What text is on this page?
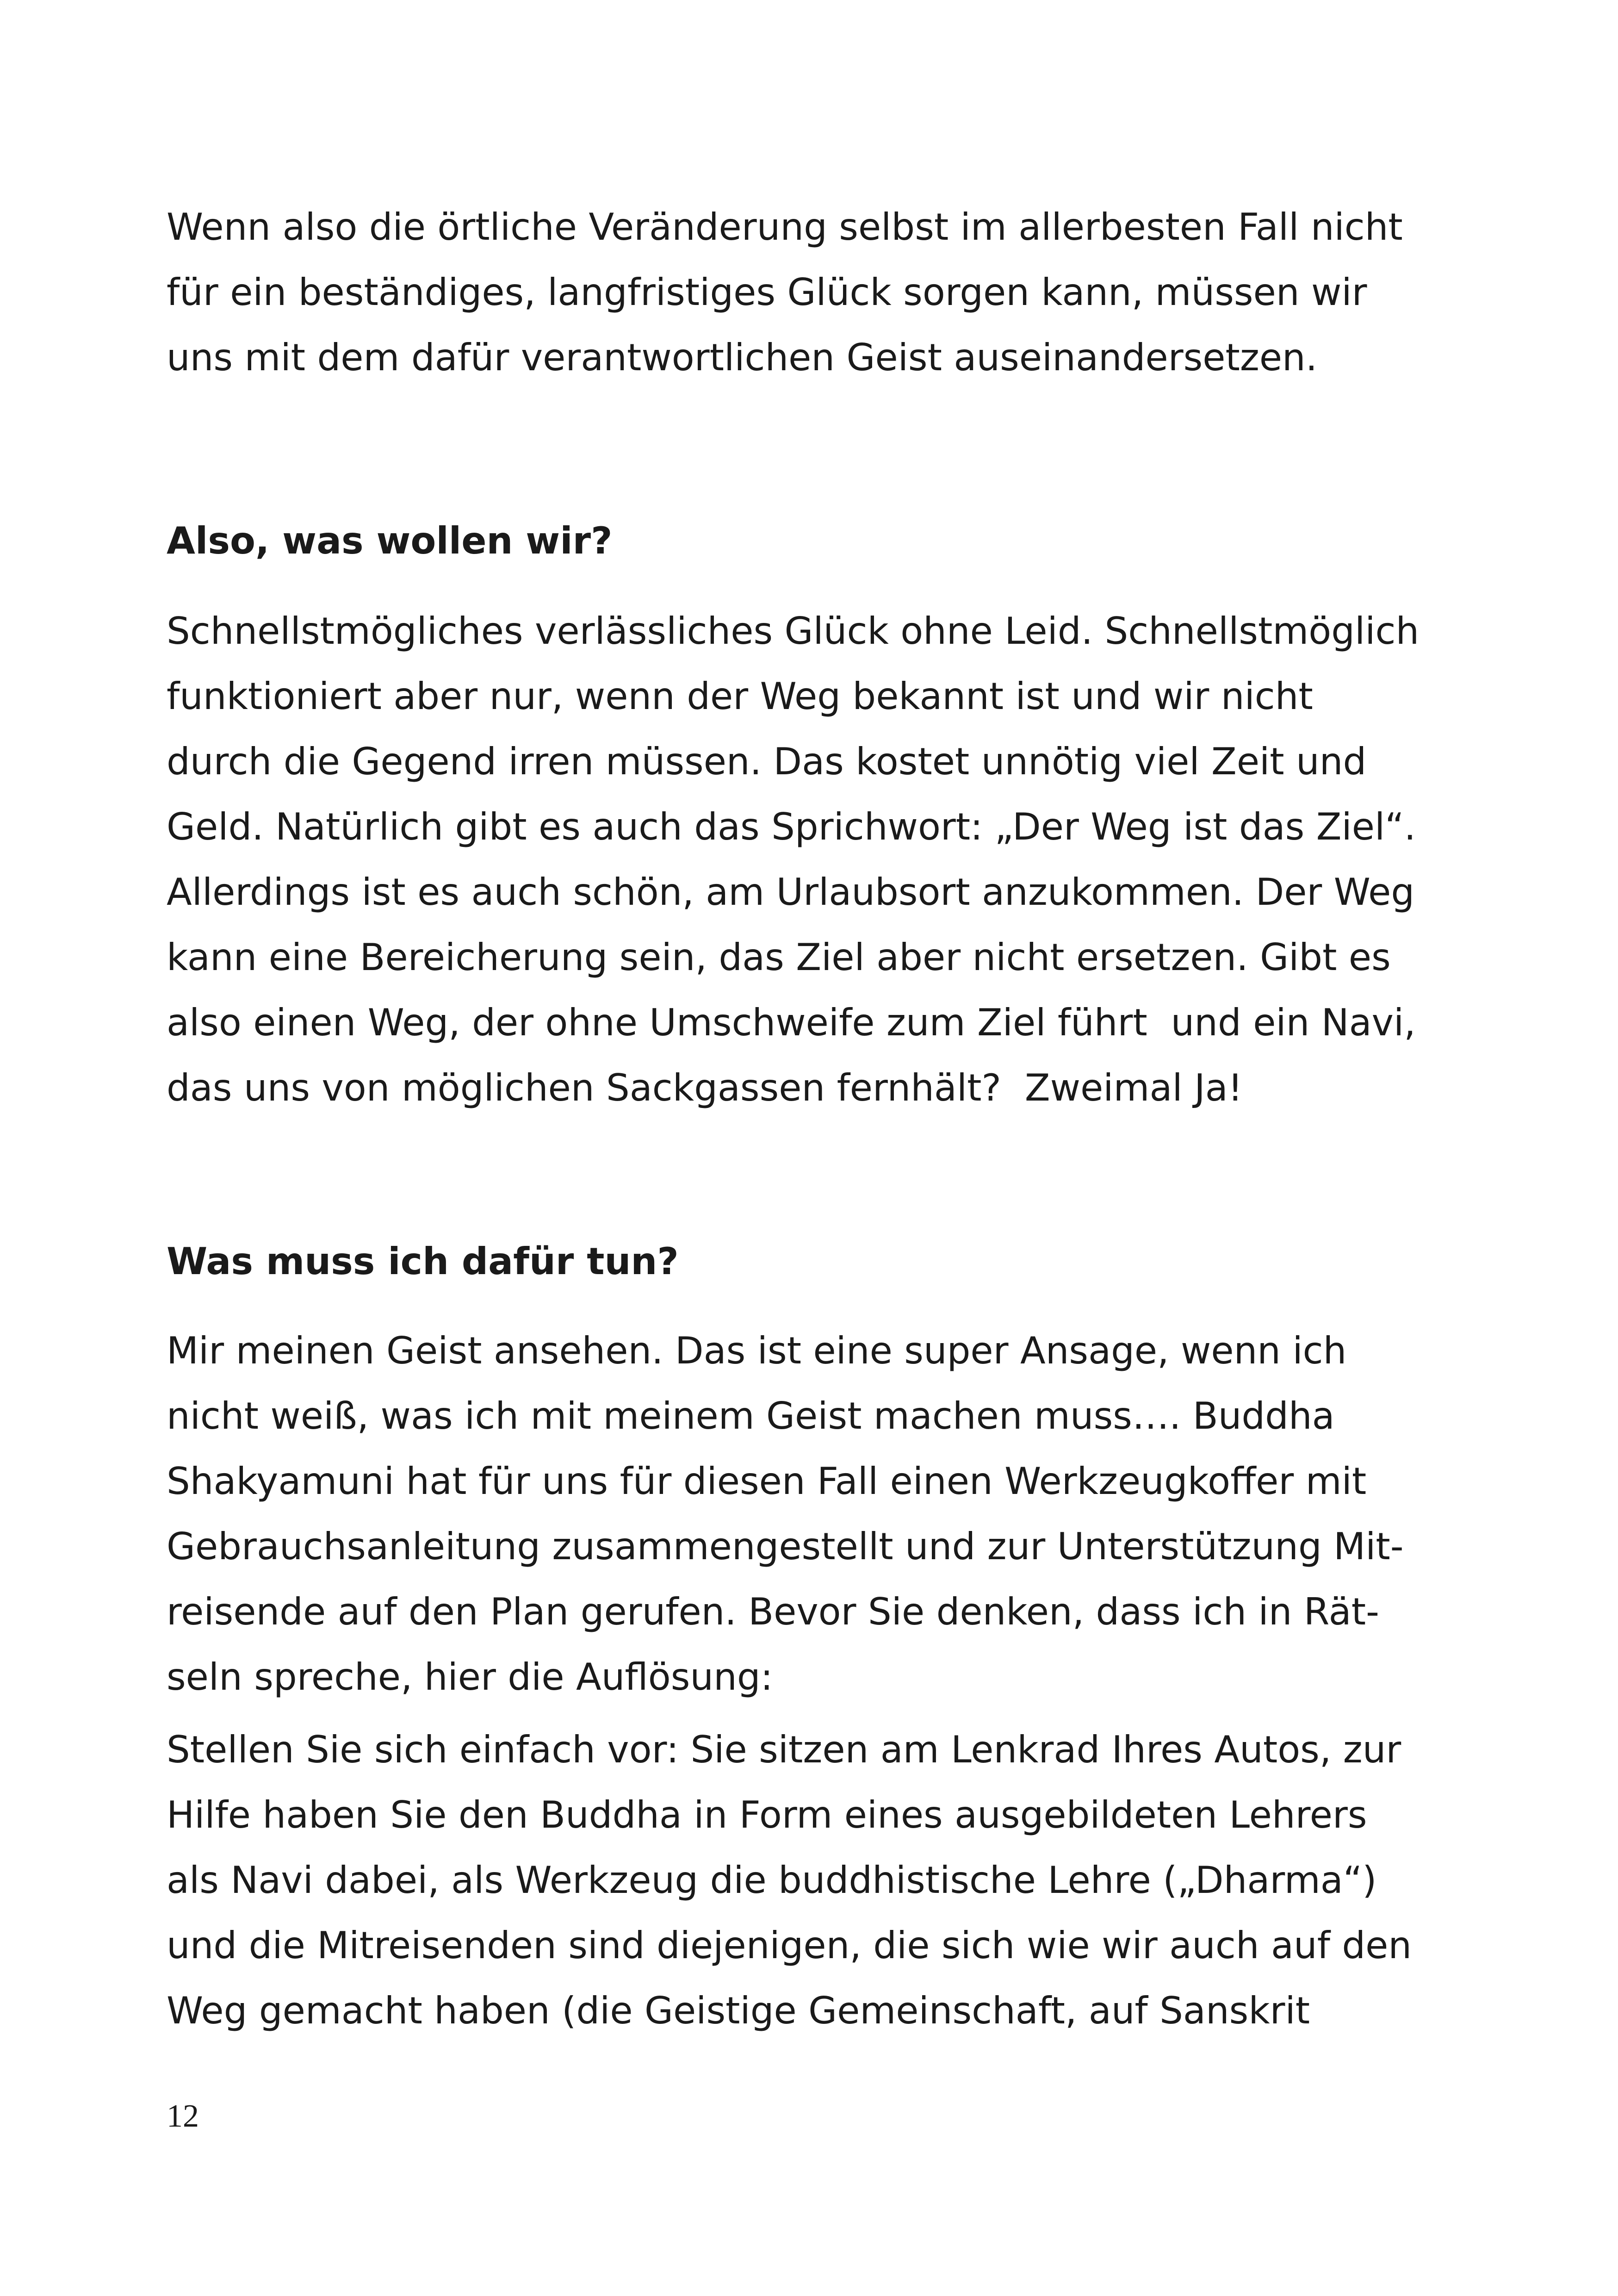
Wenn also die örtliche Veränderung selbst im allerbesten Fall nicht
für ein beständiges, langfristiges Glück sorgen kann, müssen wir
uns mit dem dafür verantwortlichen Geist auseinandersetzen.

Also, was wollen wir?

Schnellstmögliches verlässliches Glück ohne Leid. Schnellstmöglich
funktioniert aber nur, wenn der Weg bekannt ist und wir nicht
durch die Gegend irren müssen. Das kostet unnötig viel Zeit und
Geld. Natürlich gibt es auch das Sprichwort: „Der Weg ist das Ziel“.
Allerdings ist es auch schön, am Urlaubsort anzukommen. Der Weg
kann eine Bereicherung sein, das Ziel aber nicht ersetzen. Gibt es
also einen Weg, der ohne Umschweife zum Ziel führt  und ein Navi,
das uns von möglichen Sackgassen fernhält?  Zweimal Ja!

Was muss ich dafür tun?

Mir meinen Geist ansehen. Das ist eine super Ansage, wenn ich
nicht weiß, was ich mit meinem Geist machen muss…. Buddha
Shakyamuni hat für uns für diesen Fall einen Werkzeugkoffer mit
Gebrauchsanleitung zusammengestellt und zur Unterstützung Mit-
reisende auf den Plan gerufen. Bevor Sie denken, dass ich in Rät-
seln spreche, hier die Auflösung:

Stellen Sie sich einfach vor: Sie sitzen am Lenkrad Ihres Autos, zur
Hilfe haben Sie den Buddha in Form eines ausgebildeten Lehrers
als Navi dabei, als Werkzeug die buddhistische Lehre („Dharma“)
und die Mitreisenden sind diejenigen, die sich wie wir auch auf den
Weg gemacht haben (die Geistige Gemeinschaft, auf Sanskrit

12
